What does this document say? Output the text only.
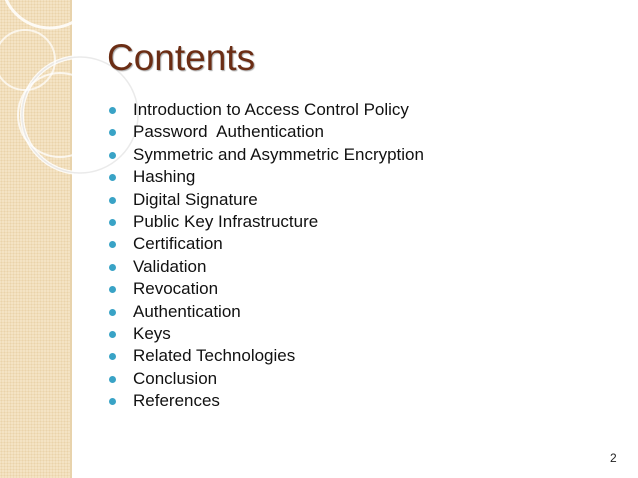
Contents
Introduction to Access Control Policy
Password  Authentication
Symmetric and Asymmetric Encryption
Hashing
Digital Signature
Public Key Infrastructure
Certification
Validation
Revocation
Authentication
Keys
Related Technologies
Conclusion
References
2
